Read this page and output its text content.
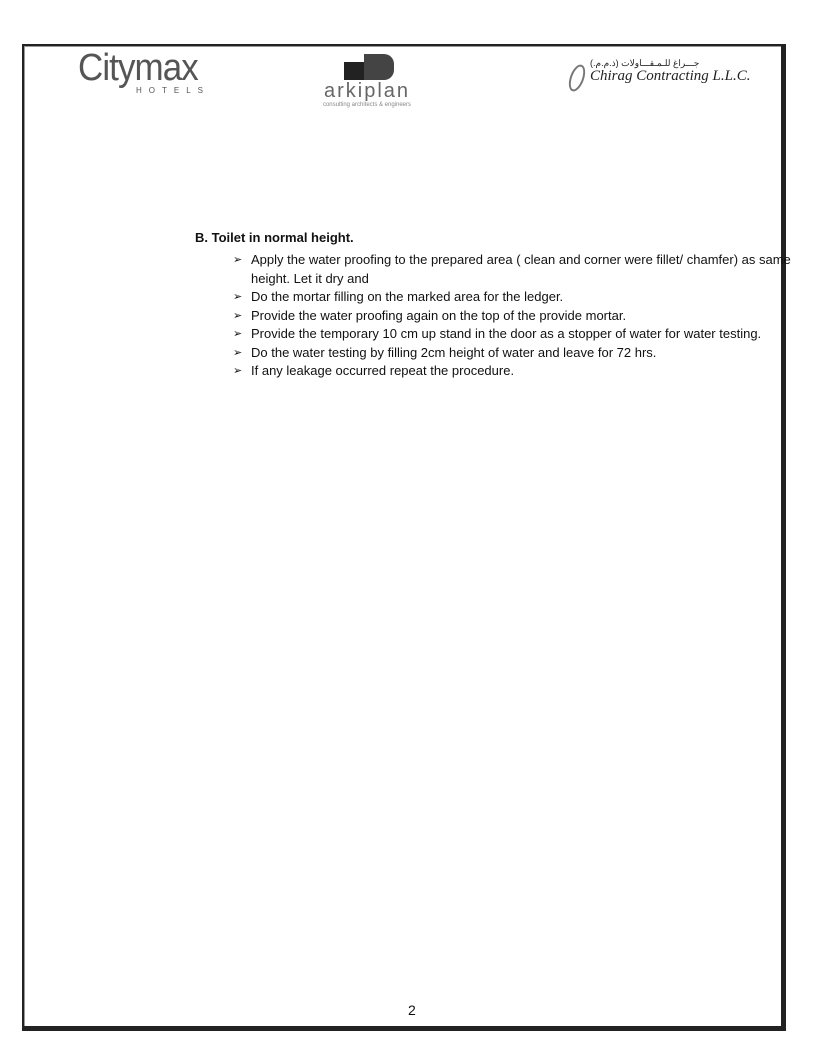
Citymax
HOTELS	arkiplan
consulting architects & engineers
جـــراغ للـمـقـــاولات (ذ.م.م.)
Chirag Contracting L.L.C.

B. Toilet in normal height.

➢ Apply the water proofing to the prepared area ( clean and corner were fillet/ chamfer) as same height. Let it dry and
➢ Do the mortar filling on the marked area for the ledger.
➢ Provide the water proofing again on the top of the provide mortar.
➢ Provide the temporary 10 cm up stand in the door as a stopper of water for water testing.
➢ Do the water testing by filling 2cm height of water and leave for 72 hrs.
➢ If any leakage occurred repeat the procedure.
2
